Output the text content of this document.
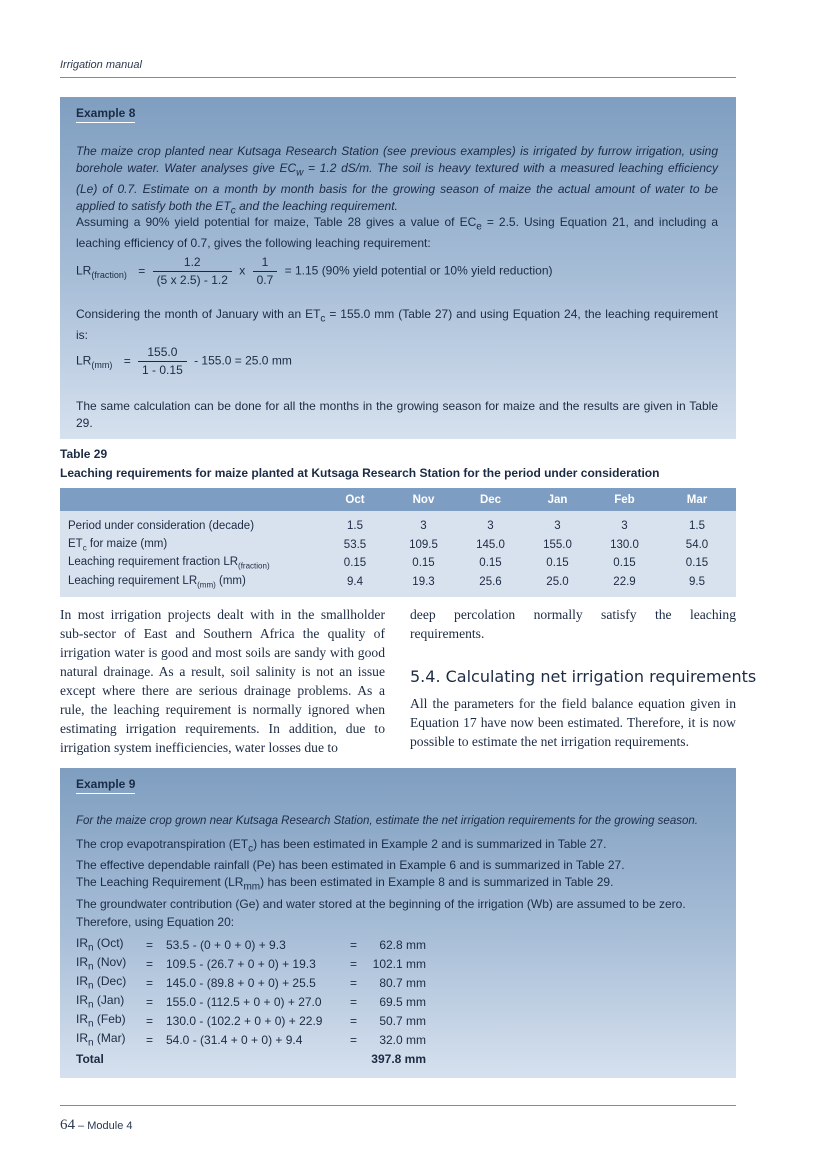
Irrigation manual
Example 8
The maize crop planted near Kutsaga Research Station (see previous examples) is irrigated by furrow irrigation, using borehole water. Water analyses give $EC_w = 1.2$ dS/m. The soil is heavy textured with a measured leaching efficiency (Le) of 0.7. Estimate on a month by month basis for the growing season of maize the actual amount of water to be applied to satisfy both the $ET_c$ and the leaching requirement.
Assuming a 90% yield potential for maize, Table 28 gives a value of $EC_e = 2.5$. Using Equation 21, and including a leaching efficiency of 0.7, gives the following leaching requirement:
$LR_{(fraction)} = \frac{1.2}{(5 x 2.5) - 1.2}$ x $\frac{1}{0.7} = 1.15$ (90% yield potential or 10% yield reduction)
Considering the month of January with an $ET_c = 155.0$ mm (Table 27) and using Equation 24, the leaching requirement is:
$LR_{(mm)} = \frac{155.0}{1 - 0.15} - 155.0 = 25.0$ mm
The same calculation can be done for all the months in the growing season for maize and the results are given in Table 29.
Table 29
Leaching requirements for maize planted at Kutsaga Research Station for the period under consideration
	Oct	Nov	Dec	Jan	Feb	Mar
Period under consideration (decade)	1.5	3	3	3	3	1.5
$ET_c$ for maize (mm)	53.5	109.5	145.0	155.0	130.0	54.0
Leaching requirement fraction $LR_{(fraction)}$	0.15	0.15	0.15	0.15	0.15	0.15
Leaching requirement $LR_{(mm)}$ (mm)	9.4	19.3	25.6	25.0	22.9	9.5
In most irrigation projects dealt with in the smallholder sub-sector of East and Southern Africa the quality of irrigation water is good and most soils are sandy with good natural drainage. As a result, soil salinity is not an issue except where there are serious drainage problems. As a rule, the leaching requirement is normally ignored when estimating irrigation requirements. In addition, due to irrigation system inefficiencies, water losses due to
deep percolation normally satisfy the leaching requirements.
5.4. Calculating net irrigation requirements
All the parameters for the field balance equation given in Equation 17 have now been estimated. Therefore, it is now possible to estimate the net irrigation requirements.
Example 9
For the maize crop grown near Kutsaga Research Station, estimate the net irrigation requirements for the growing season.
The crop evapotranspiration $(ET_c)$ has been estimated in Example 2 and is summarized in Table 27.
The effective dependable rainfall (Pe) has been estimated in Example 6 and is summarized in Table 27.
The Leaching Requirement $(LR_{mm})$ has been estimated in Example 8 and is summarized in Table 29.
The groundwater contribution (Ge) and water stored at the beginning of the irrigation (Wb) are assumed to be zero.
Therefore, using Equation 20:
$IR_n$ (Oct)	=	53.5 - (0 + 0 + 0) + 9.3	=	62.8 mm
$IR_n$ (Nov)	=	109.5 - (26.7 + 0 + 0) + 19.3	=	102.1 mm
$IR_n$ (Dec)	=	145.0 - (89.8 + 0 + 0) + 25.5	=	80.7 mm
$IR_n$ (Jan)	=	155.0 - (112.5 + 0 + 0) + 27.0	=	69.5 mm
$IR_n$ (Feb)	=	130.0 - (102.2 + 0 + 0) + 22.9	=	50.7 mm
$IR_n$ (Mar)	=	54.0 - (31.4 + 0 + 0) + 9.4	=	32.0 mm
Total	397.8 mm
64 – Module 4
